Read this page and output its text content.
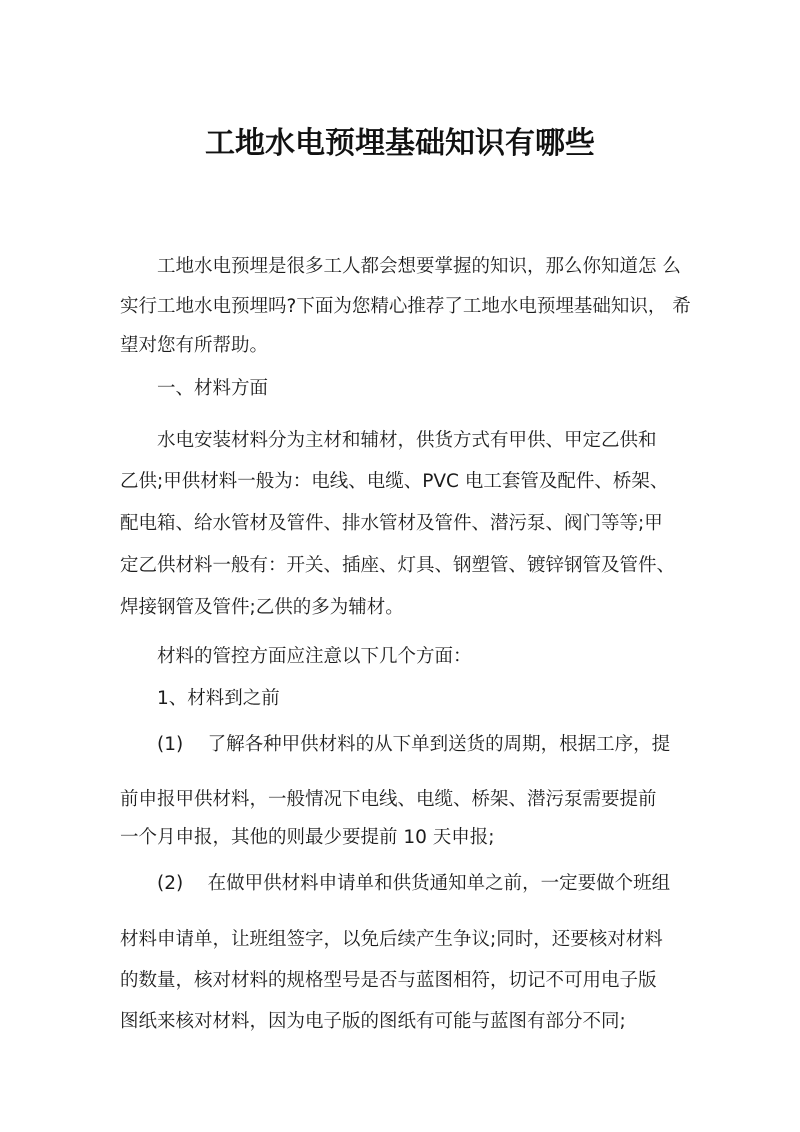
工地水电预埋基础知识有哪些
工地水电预埋是很多工人都会想要掌握的知识，那么你知道怎 么
实行工地水电预埋吗?下面为您精心推荐了工地水电预埋基础知识， 希
望对您有所帮助。
一、材料方面
水电安装材料分为主材和辅材，供货方式有甲供、甲定乙供和
乙供;甲供材料一般为：电线、电缆、PVC 电工套管及配件、桥架、
配电箱、给水管材及管件、排水管材及管件、潜污泵、阀门等等;甲
定乙供材料一般有：开关、插座、灯具、钢塑管、镀锌钢管及管件、
焊接钢管及管件;乙供的多为辅材。
材料的管控方面应注意以下几个方面：
1、材料到之前
(1)　 了解各种甲供材料的从下单到送货的周期，根据工序，提
前申报甲供材料，一般情况下电线、电缆、桥架、潜污泵需要提前
一个月申报，其他的则最少要提前 10 天申报;
(2)　 在做甲供材料申请单和供货通知单之前，一定要做个班组
材料申请单，让班组签字，以免后续产生争议;同时，还要核对材料
的数量，核对材料的规格型号是否与蓝图相符，切记不可用电子版
图纸来核对材料，因为电子版的图纸有可能与蓝图有部分不同;
